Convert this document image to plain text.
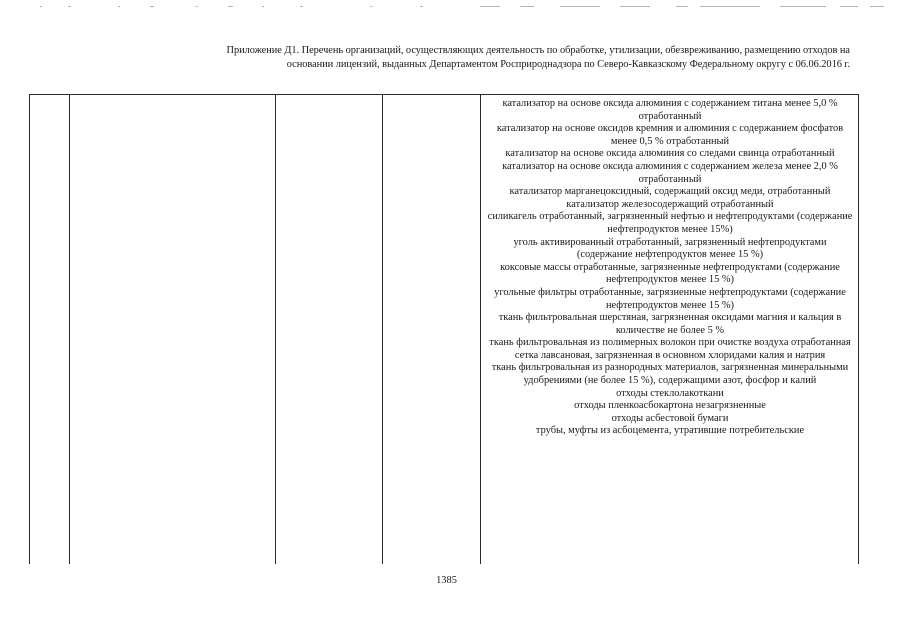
Приложение Д1. Перечень организаций, осуществляющих деятельность по обработке, утилизации, обезвреживанию, размещению отходов на

основании лицензий, выданных Департаментом Росприроднадзора по Северо-Кавказскому Федеральному округу с 06.06.2016 г.

катализатор на основе оксида алюминия с содержанием титана менее 5,0 % отработанный
катализатор на основе оксидов кремния и алюминия с содержанием фосфатов менее 0,5 % отработанный
катализатор на основе оксида алюминия со следами свинца отработанный
катализатор на основе оксида алюминия с содержанием железа менее 2,0 % отработанный
катализатор марганецоксидный, содержащий оксид меди, отработанный
катализатор железосодержащий отработанный
силикагель отработанный, загрязненный нефтью и нефтепродуктами (содержание нефтепродуктов менее 15%)
уголь активированный отработанный, загрязненный нефтепродуктами (содержание нефтепродуктов менее 15 %)
коксовые массы отработанные, загрязненные нефтепродуктами (содержание нефтепродуктов менее 15 %)
угольные фильтры отработанные, загрязненные нефтепродуктами (содержание нефтепродуктов менее 15 %)
ткань фильтровальная шерстяная, загрязненная оксидами магния и кальция в количестве не более 5 %
ткань фильтровальная из полимерных волокон при очистке воздуха отработанная
сетка лавсановая, загрязненная в основном хлоридами калия и натрия
ткань фильтровальная из разнородных материалов, загрязненная минеральными удобрениями (не более 15 %), содержащими азот, фосфор и калий
отходы стеклолакоткани
отходы пленкоасбокартона незагрязненные
отходы асбестовой бумаги
трубы, муфты из асбоцемента, утратившие потребительские
1385
